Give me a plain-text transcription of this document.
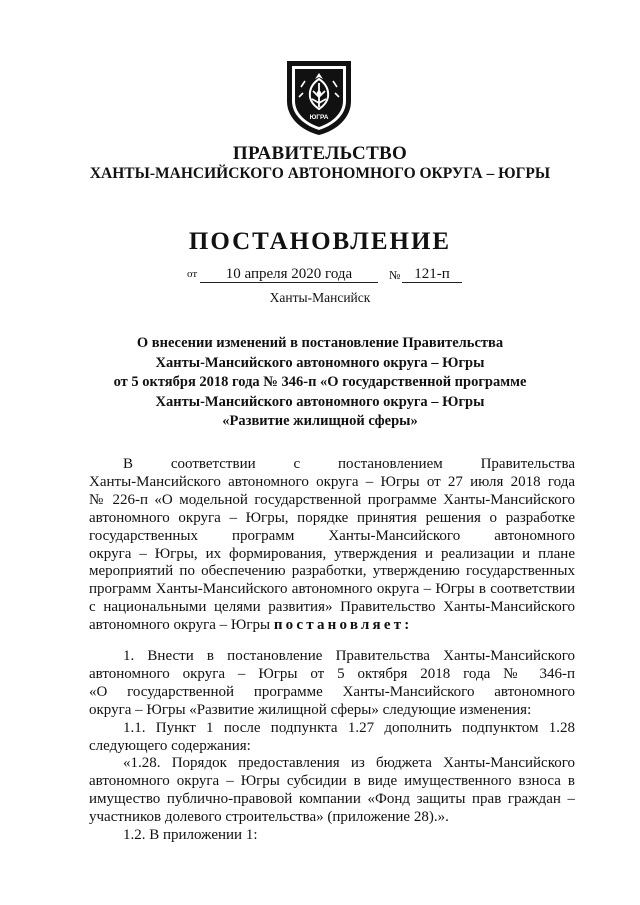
ЮГРА
ПРАВИТЕЛЬСТВО
ХАНТЫ-МАНСИЙСКОГО АВТОНОМНОГО ОКРУГА – ЮГРЫ
ПОСТАНОВЛЕНИЕ
от	10 апреля 2020 года	№ 121-п
Ханты-Мансийск
О внесении изменений в постановление Правительства
Ханты-Мансийского автономного округа – Югры
от 5 октября 2018 года № 346-п «О государственной программе
Ханты-Мансийского автономного округа – Югры
«Развитие жилищной сферы»
В соответствии с постановлением Правительства
Ханты-Мансийского автономного округа – Югры от 27 июля 2018 года
№ 226-п «О модельной государственной программе Ханты-Мансийского
автономного округа – Югры, порядке принятия решения о разработке
государственных программ Ханты-Мансийского автономного
округа – Югры, их формирования, утверждения и реализации и плане
мероприятий по обеспечению разработки, утверждению государственных
программ Ханты-Мансийского автономного округа – Югры в соответствии
с национальными целями развития» Правительство Ханты-Мансийского
автономного округа – Югры постановляет:
1. Внести в постановление Правительства Ханты-Мансийского
автономного округа – Югры от 5 октября 2018 года № 346-п
«О государственной программе Ханты-Мансийского автономного
округа – Югры «Развитие жилищной сферы» следующие изменения:
1.1. Пункт 1 после подпункта 1.27 дополнить подпунктом 1.28
следующего содержания:
«1.28. Порядок предоставления из бюджета Ханты-Мансийского
автономного округа – Югры субсидии в виде имущественного взноса в
имущество публично-правовой компании «Фонд защиты прав граждан –
участников долевого строительства» (приложение 28).».
1.2. В приложении 1:
